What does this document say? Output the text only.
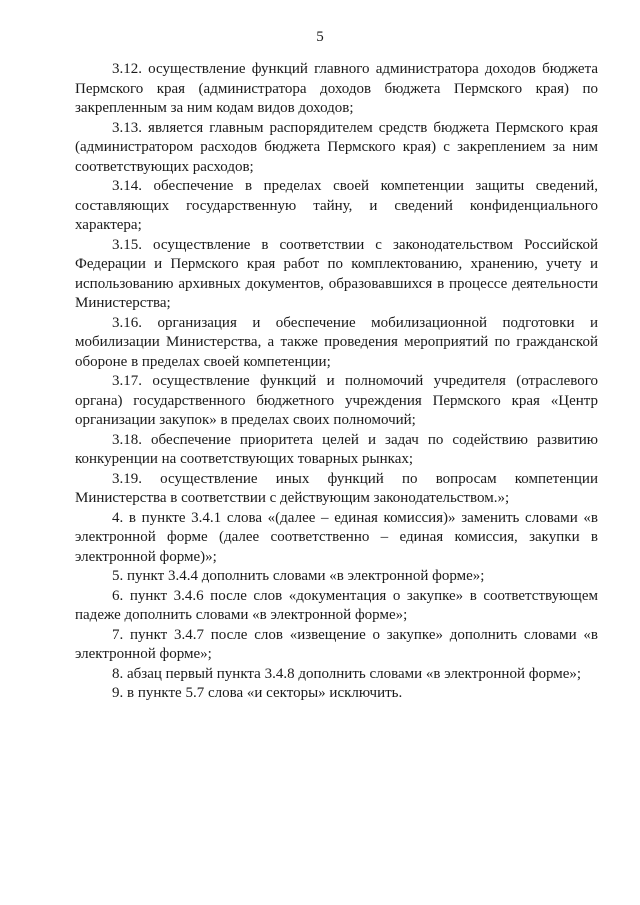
5

3.12. осуществление функций главного администратора доходов бюджета Пермского края (администратора доходов бюджета Пермского края) по закрепленным за ним кодам видов доходов;

3.13. является главным распорядителем средств бюджета Пермского края (администратором расходов бюджета Пермского края) с закреплением за ним соответствующих расходов;

3.14. обеспечение в пределах своей компетенции защиты сведений, составляющих государственную тайну, и сведений конфиденциального характера;

3.15. осуществление в соответствии с законодательством Российской Федерации и Пермского края работ по комплектованию, хранению, учету и использованию архивных документов, образовавшихся в процессе деятельности Министерства;

3.16. организация и обеспечение мобилизационной подготовки и мобилизации Министерства, а также проведения мероприятий по гражданской обороне в пределах своей компетенции;

3.17. осуществление функций и полномочий учредителя (отраслевого органа) государственного бюджетного учреждения Пермского края «Центр организации закупок» в пределах своих полномочий;

3.18. обеспечение приоритета целей и задач по содействию развитию конкуренции на соответствующих товарных рынках;

3.19. осуществление иных функций по вопросам компетенции Министерства в соответствии с действующим законодательством.»;

4. в пункте 3.4.1 слова «(далее – единая комиссия)» заменить словами «в электронной форме (далее соответственно – единая комиссия, закупки в электронной форме)»;

5. пункт 3.4.4 дополнить словами «в электронной форме»;

6. пункт 3.4.6 после слов «документация о закупке» в соответствующем падеже дополнить словами «в электронной форме»;

7. пункт 3.4.7 после слов «извещение о закупке» дополнить словами «в электронной форме»;

8. абзац первый пункта 3.4.8 дополнить словами «в электронной форме»;

9. в пункте 5.7 слова «и секторы» исключить.
